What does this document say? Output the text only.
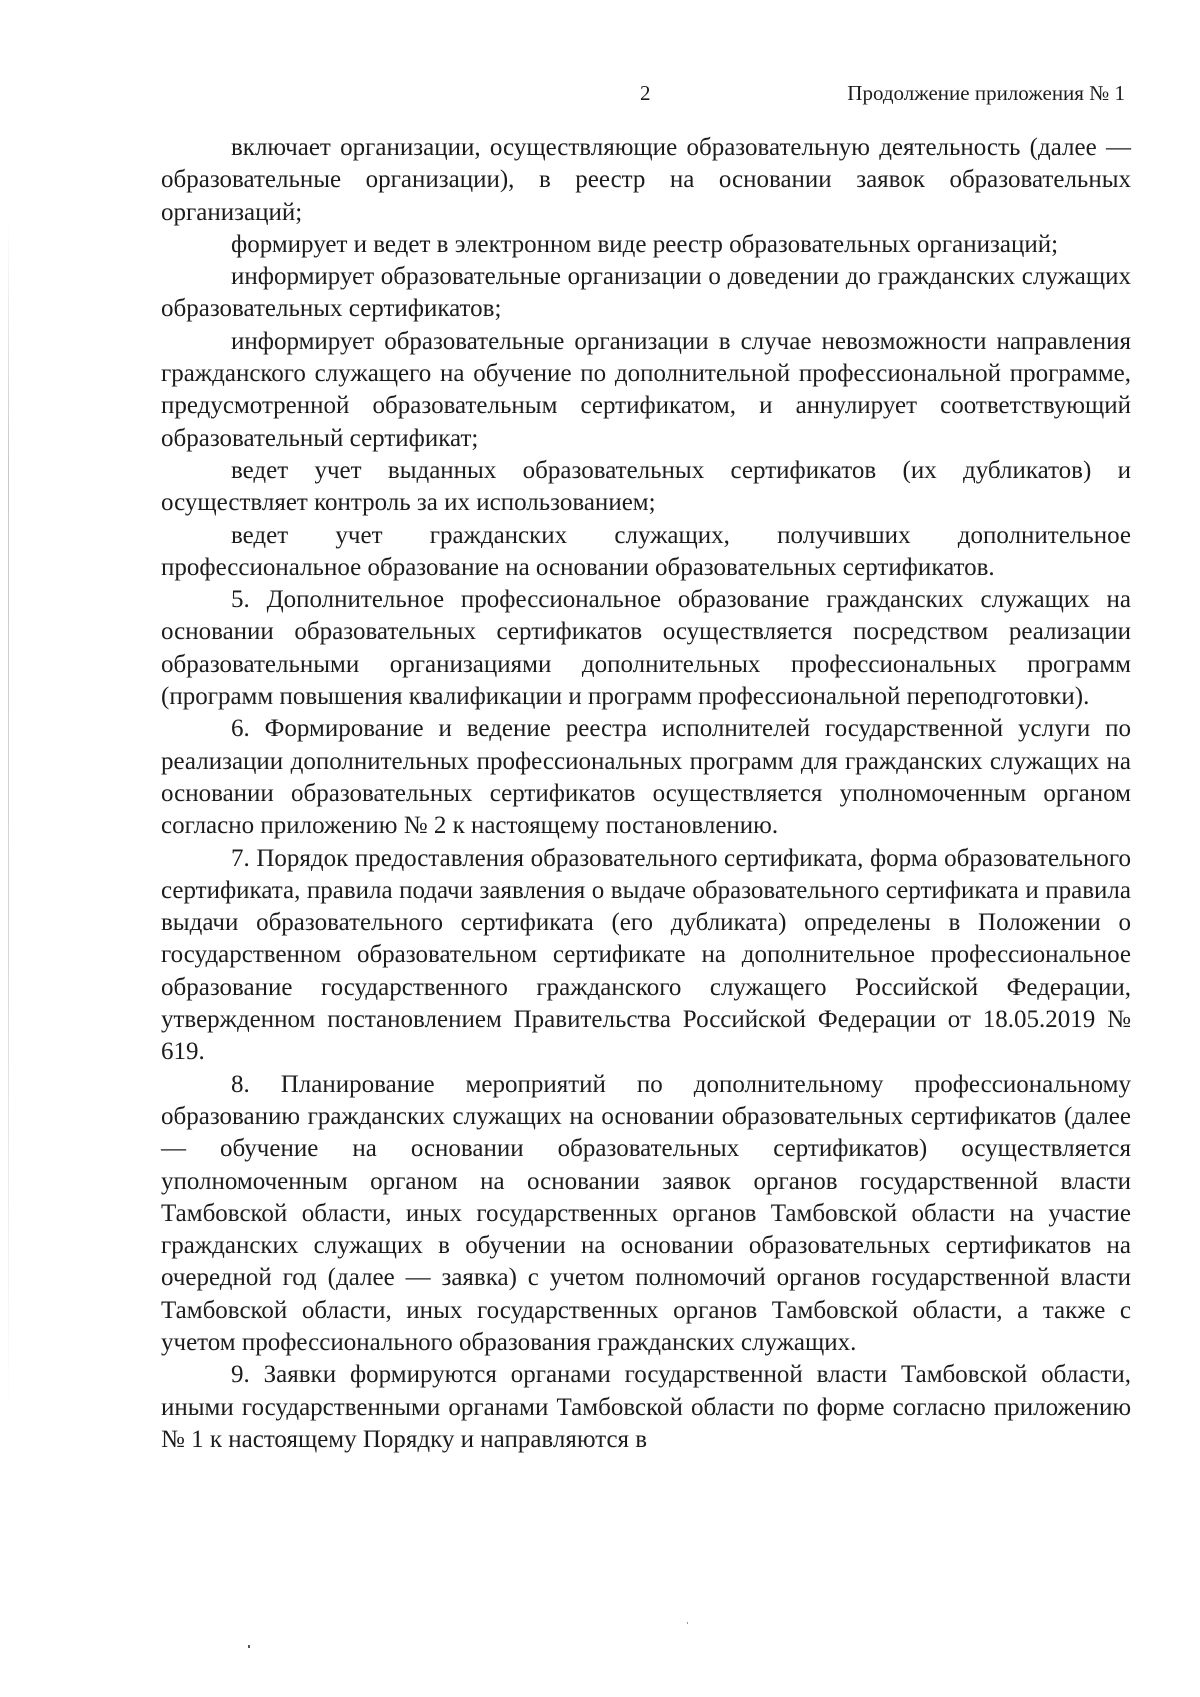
2	Продолжение приложения № 1

включает организации, осуществляющие образовательную деятельность (далее — образовательные организации), в реестр на основании заявок образовательных организаций;

формирует и ведет в электронном виде реестр образовательных организаций;

информирует образовательные организации о доведении до гражданских служащих образовательных сертификатов;

информирует образовательные организации в случае невозможности направления гражданского служащего на обучение по дополнительной профессиональной программе, предусмотренной образовательным сертификатом, и аннулирует соответствующий образовательный сертификат;

ведет учет выданных образовательных сертификатов (их дубликатов) и осуществляет контроль за их использованием;

ведет учет гражданских служащих, получивших дополнительное профессиональное образование на основании образовательных сертификатов.

5. Дополнительное профессиональное образование гражданских служащих на основании образовательных сертификатов осуществляется посредством реализации образовательными организациями дополнительных профессиональных программ (программ повышения квалификации и программ профессиональной переподготовки).

6. Формирование и ведение реестра исполнителей государственной услуги по реализации дополнительных профессиональных программ для гражданских служащих на основании образовательных сертификатов осуществляется уполномоченным органом согласно приложению № 2 к настоящему постановлению.

7. Порядок предоставления образовательного сертификата, форма образовательного сертификата, правила подачи заявления о выдаче образовательного сертификата и правила выдачи образовательного сертификата (его дубликата) определены в Положении о государственном образовательном сертификате на дополнительное профессиональное образование государственного гражданского служащего Российской Федерации, утвержденном постановлением Правительства Российской Федерации от 18.05.2019 № 619.

8. Планирование мероприятий по дополнительному профессиональному образованию гражданских служащих на основании образовательных сертификатов (далее — обучение на основании образовательных сертификатов) осуществляется уполномоченным органом на основании заявок органов государственной власти Тамбовской области, иных государственных органов Тамбовской области на участие гражданских служащих в обучении на основании образовательных сертификатов на очередной год (далее — заявка) с учетом полномочий органов государственной власти Тамбовской области, иных государственных органов Тамбовской области, а также с учетом профессионального образования гражданских служащих.

9. Заявки формируются органами государственной власти Тамбовской области, иными государственными органами Тамбовской области по форме согласно приложению № 1 к настоящему Порядку и направляются в
